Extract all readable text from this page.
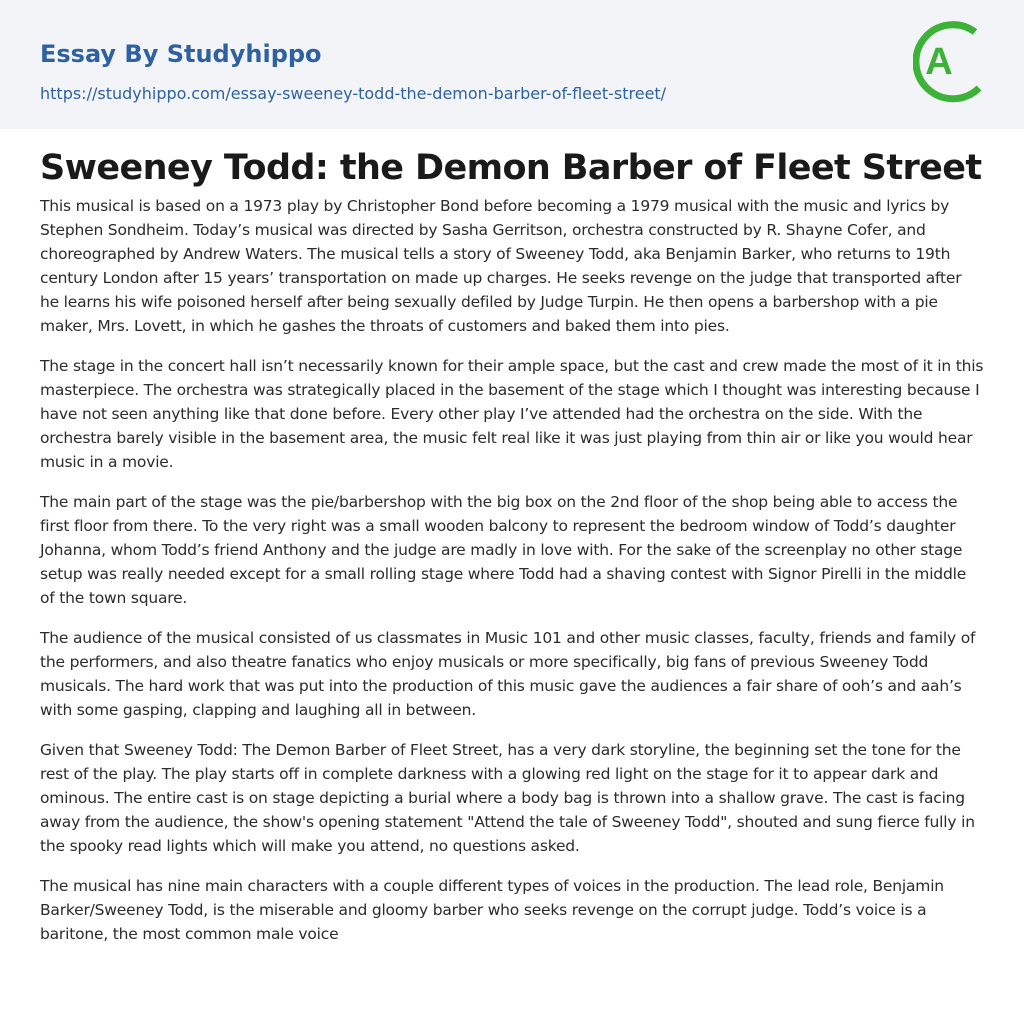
Essay By Studyhippo
https://studyhippo.com/essay-sweeney-todd-the-demon-barber-of-fleet-street/
A
Sweeney Todd: the Demon Barber of Fleet Street

This musical is based on a 1973 play by Christopher Bond before becoming a 1979 musical with the music and lyrics by Stephen Sondheim. Today’s musical was directed by Sasha Gerritson, orchestra constructed by R. Shayne Cofer, and choreographed by Andrew Waters. The musical tells a story of Sweeney Todd, aka Benjamin Barker, who returns to 19th century London after 15 years’ transportation on made up charges. He seeks revenge on the judge that transported after he learns his wife poisoned herself after being sexually defiled by Judge Turpin. He then opens a barbershop with a pie maker, Mrs. Lovett, in which he gashes the throats of customers and baked them into pies.

The stage in the concert hall isn’t necessarily known for their ample space, but the cast and crew made the most of it in this masterpiece. The orchestra was strategically placed in the basement of the stage which I thought was interesting because I have not seen anything like that done before. Every other play I’ve attended had the orchestra on the side. With the orchestra barely visible in the basement area, the music felt real like it was just playing from thin air or like you would hear music in a movie.

The main part of the stage was the pie/barbershop with the big box on the 2nd floor of the shop being able to access the first floor from there. To the very right was a small wooden balcony to represent the bedroom window of Todd’s daughter Johanna, whom Todd’s friend Anthony and the judge are madly in love with. For the sake of the screenplay no other stage setup was really needed except for a small rolling stage where Todd had a shaving contest with Signor Pirelli in the middle of the town square.

The audience of the musical consisted of us classmates in Music 101 and other music classes, faculty, friends and family of the performers, and also theatre fanatics who enjoy musicals or more specifically, big fans of previous Sweeney Todd musicals. The hard work that was put into the production of this music gave the audiences a fair share of ooh’s and aah’s with some gasping, clapping and laughing all in between.

Given that Sweeney Todd: The Demon Barber of Fleet Street, has a very dark storyline, the beginning set the tone for the rest of the play. The play starts off in complete darkness with a glowing red light on the stage for it to appear dark and ominous. The entire cast is on stage depicting a burial where a body bag is thrown into a shallow grave. The cast is facing away from the audience, the show's opening statement "Attend the tale of Sweeney Todd", shouted and sung fierce fully in the spooky read lights which will make you attend, no questions asked.

The musical has nine main characters with a couple different types of voices in the production. The lead role, Benjamin Barker/Sweeney Todd, is the miserable and gloomy barber who seeks revenge on the corrupt judge. Todd’s voice is a baritone, the most common male voice
